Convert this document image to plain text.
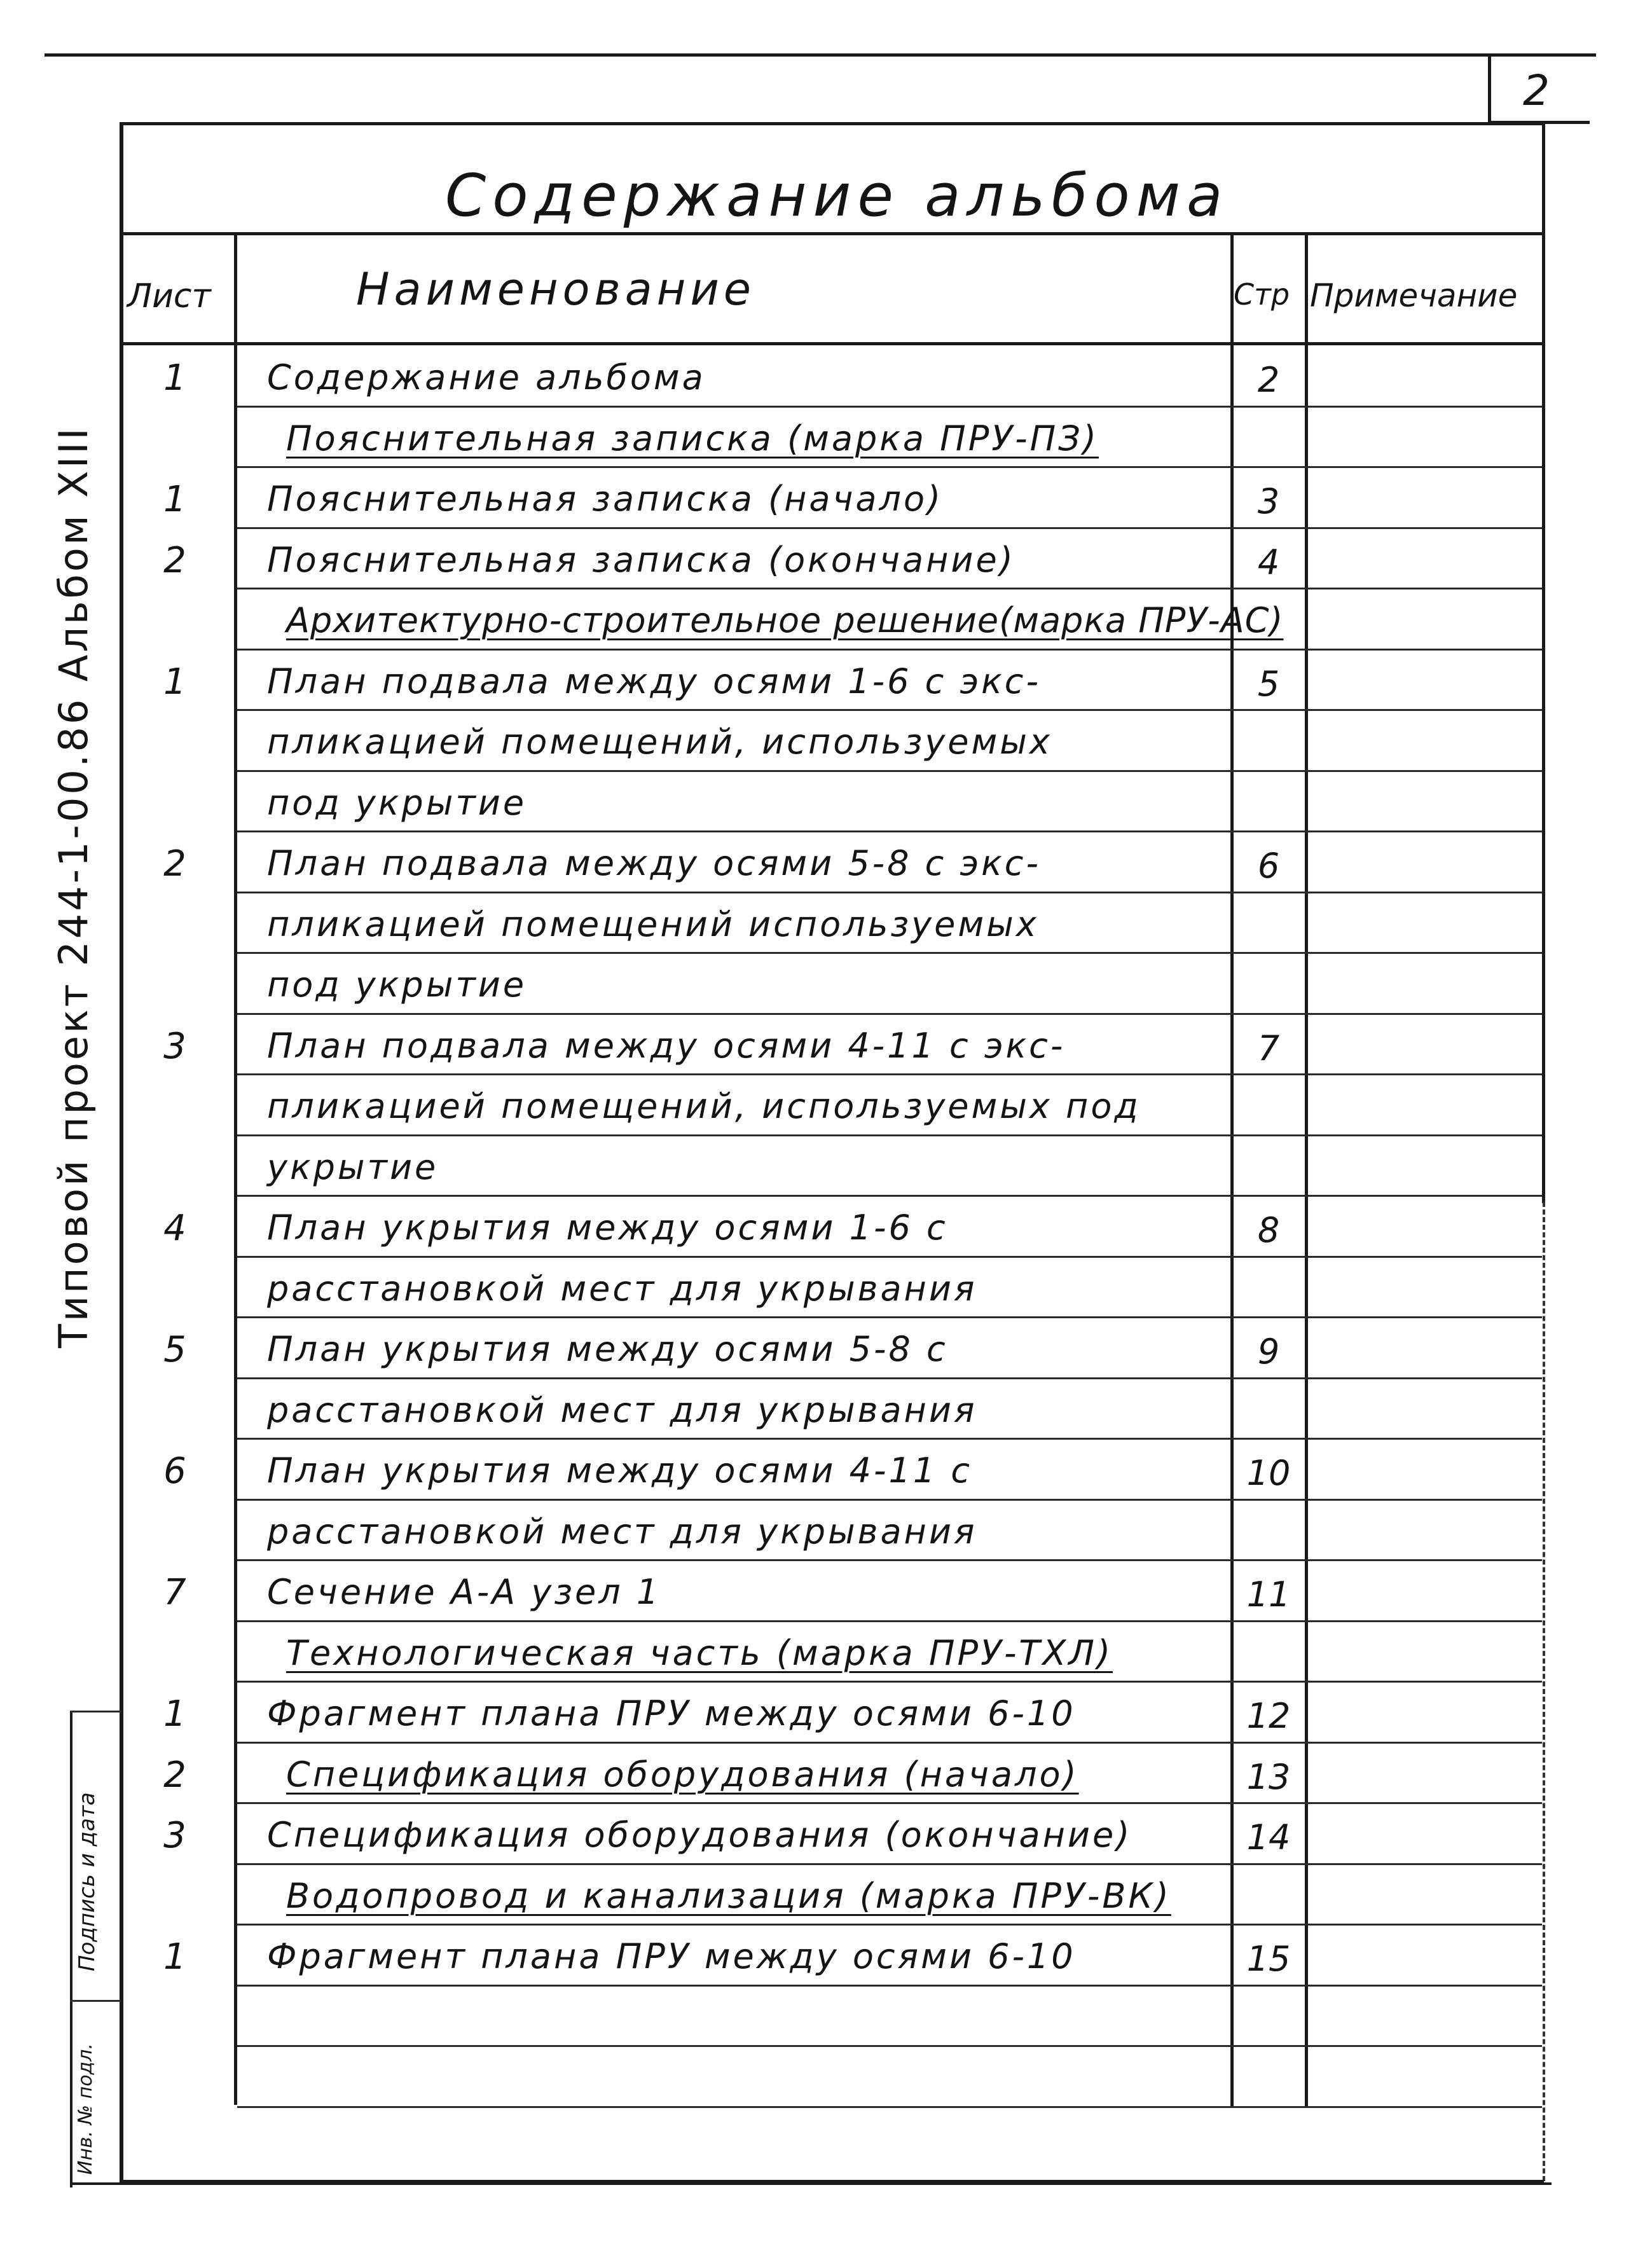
2
Содержание альбома
Лист	Наименование	Стр Примечание
Типовой проект 244-1-00.86 Альбом XIII
Подпись и дата
Инв. № подл.
1	Содержание альбома	2
Пояснительная записка (марка ПРУ-ПЗ)
1	Пояснительная записка (начало)	3
2	Пояснительная записка (окончание)	4
Архитектурно-строительное решение(марка ПРУ-АС)
1	План подвала между осями 1-6 с экс-	5
пликацией помещений, используемых
под укрытие
2	План подвала между осями 5-8 с экс-	6
пликацией помещений используемых
под укрытие
3	План подвала между осями 4-11 с экс-	7
пликацией помещений, используемых под
укрытие
4	План укрытия между осями 1-6 с	8
расстановкой мест для укрывания
5	План укрытия между осями 5-8 с	9
расстановкой мест для укрывания
6	План укрытия между осями 4-11 с	10
расстановкой мест для укрывания
7	Сечение А-А узел 1	11
Технологическая часть (марка ПРУ-ТХЛ)
1	Фрагмент плана ПРУ между осями 6-10	12
2	Спецификация оборудования (начало)	13
3	Спецификация оборудования (окончание)	14
Водопровод и канализация (марка ПРУ-ВК)
1	Фрагмент плана ПРУ между осями 6-10	15
